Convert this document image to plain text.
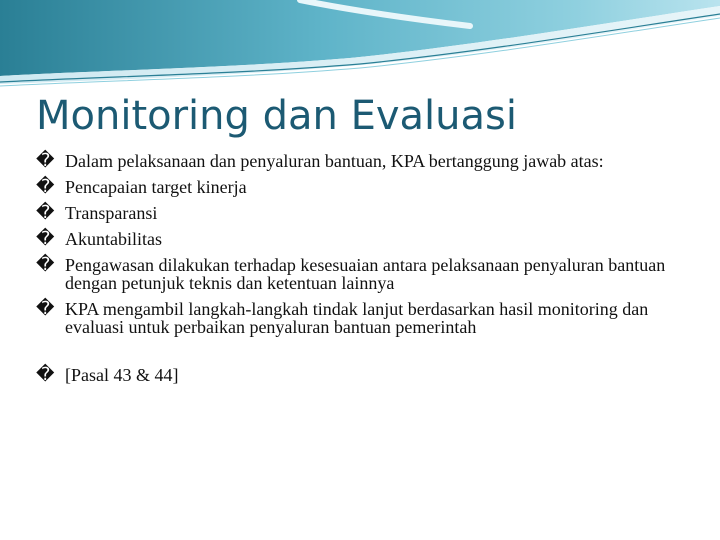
Monitoring dan Evaluasi
� Dalam pelaksanaan dan penyaluran bantuan, KPA bertanggung jawab atas:
� Pencapaian target kinerja
� Transparansi
� Akuntabilitas
� Pengawasan dilakukan terhadap kesesuaian antara pelaksanaan penyaluran bantuan dengan petunjuk teknis dan ketentuan lainnya
� KPA mengambil langkah-langkah tindak lanjut berdasarkan hasil monitoring dan evaluasi untuk perbaikan penyaluran bantuan pemerintah
� [Pasal 43 & 44]
